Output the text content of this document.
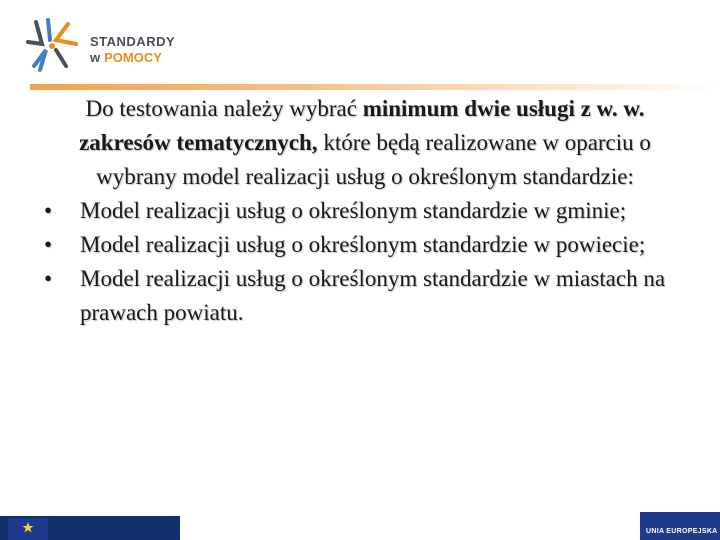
STANDARDY
w POMOCY

Do testowania należy wybrać minimum dwie usługi z w. w. zakresów tematycznych, które będą realizowane w oparciu o wybrany model realizacji usług o określonym standardzie:

• Model realizacji usług o określonym standardzie w gminie;
• Model realizacji usług o określonym standardzie w powiecie;
• Model realizacji usług o określonym standardzie w miastach na prawach powiatu.
UNIA EUROPEJSKA
